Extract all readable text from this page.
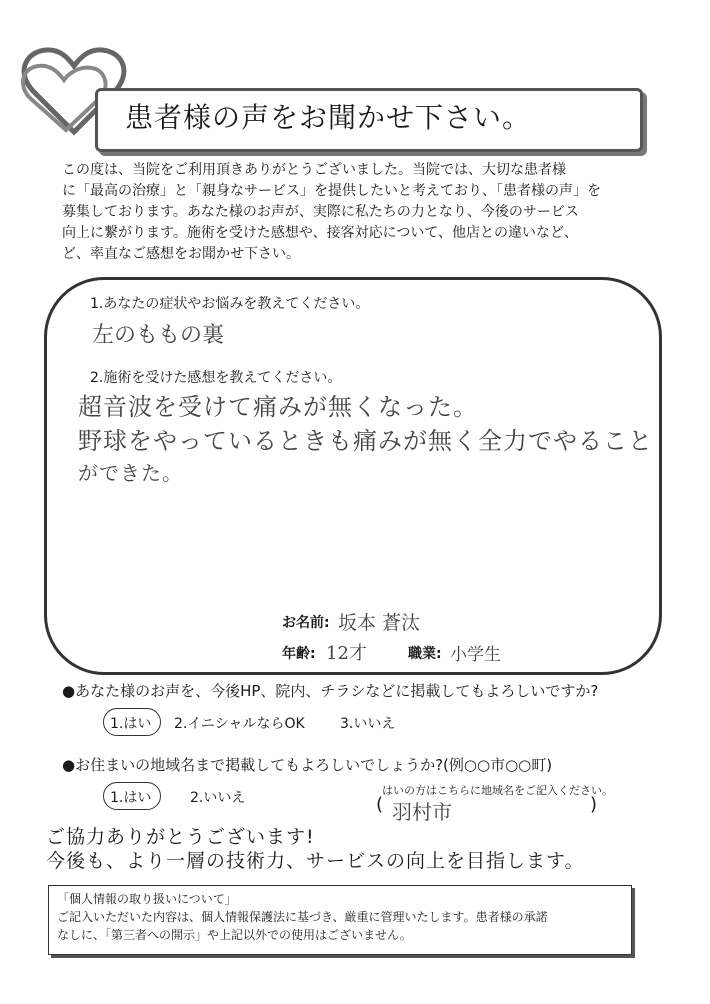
患者様の声をお聞かせ下さい。

この度は、当院をご利用頂きありがとうございました。当院では、大切な患者様

に「最高の治療」と「親身なサービス」を提供したいと考えており、「患者様の声」を

募集しております。あなた様のお声が、実際に私たちの力となり、今後のサービス

向上に繋がります。施術を受けた感想や、接客対応について、他店との違いなど、

ど、率直なご感想をお聞かせ下さい。

1.あなたの症状やお悩みを教えてください。
左のももの裏
2.施術を受けた感想を教えてください。
超音波を受けて痛みが無くなった。
野球をやっているときも痛みが無く全力でやること
ができた。
お名前: 坂本 蒼汰
年齢: 12才	職業: 小学生
●あなた様のお声を、今後HP、院内、チラシなどに掲載してもよろしいですか?
1.はい 2.イニシャルならOK	3.いいえ
●お住まいの地域名まで掲載してもよろしいでしょうか?(例○○市○○町)
1.はい	2.いいえ	はいの方はこちらに地域名をご記入ください。
( 羽村市	)
ご協力ありがとうございます!
今後も、より一層の技術力、サービスの向上を目指します。

「個人情報の取り扱いについて」

ご記入いただいた内容は、個人情報保護法に基づき、厳重に管理いたします。患者様の承諾

なしに、「第三者への開示」や上記以外での使用はございません。
